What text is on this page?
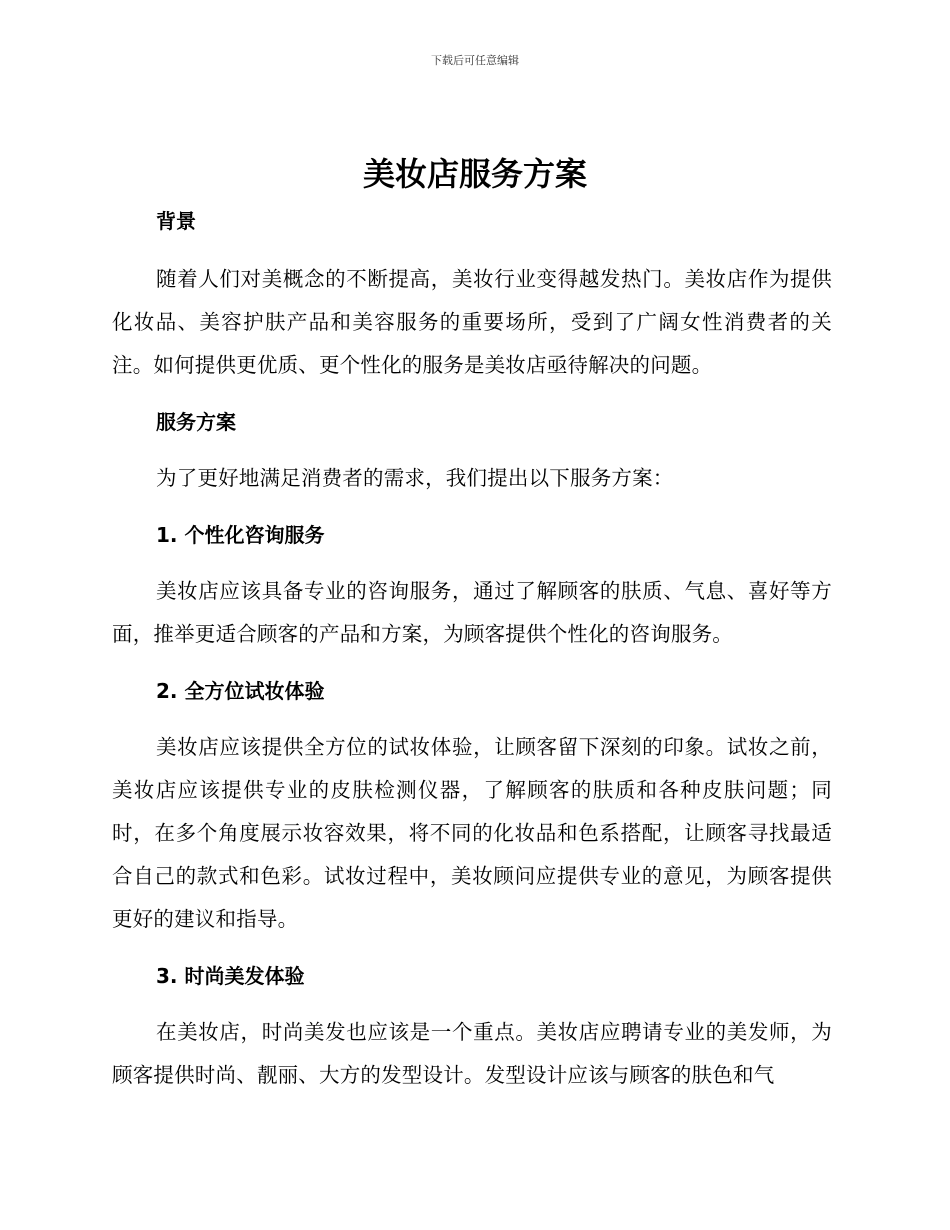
下载后可任意编辑
美妆店服务方案

背景

随着人们对美概念的不断提高，美妆行业变得越发热门。美妆店作为提供化妆品、美容护肤产品和美容服务的重要场所，受到了广阔女性消费者的关注。如何提供更优质、更个性化的服务是美妆店亟待解决的问题。

服务方案

为了更好地满足消费者的需求，我们提出以下服务方案：

1. 个性化咨询服务

美妆店应该具备专业的咨询服务，通过了解顾客的肤质、气息、喜好等方面，推举更适合顾客的产品和方案，为顾客提供个性化的咨询服务。

2. 全方位试妆体验

美妆店应该提供全方位的试妆体验，让顾客留下深刻的印象。试妆之前，美妆店应该提供专业的皮肤检测仪器，了解顾客的肤质和各种皮肤问题；同时，在多个角度展示妆容效果，将不同的化妆品和色系搭配，让顾客寻找最适合自己的款式和色彩。试妆过程中，美妆顾问应提供专业的意见，为顾客提供更好的建议和指导。

3. 时尚美发体验

在美妆店，时尚美发也应该是一个重点。美妆店应聘请专业的美发师，为顾客提供时尚、靓丽、大方的发型设计。发型设计应该与顾客的肤色和气
